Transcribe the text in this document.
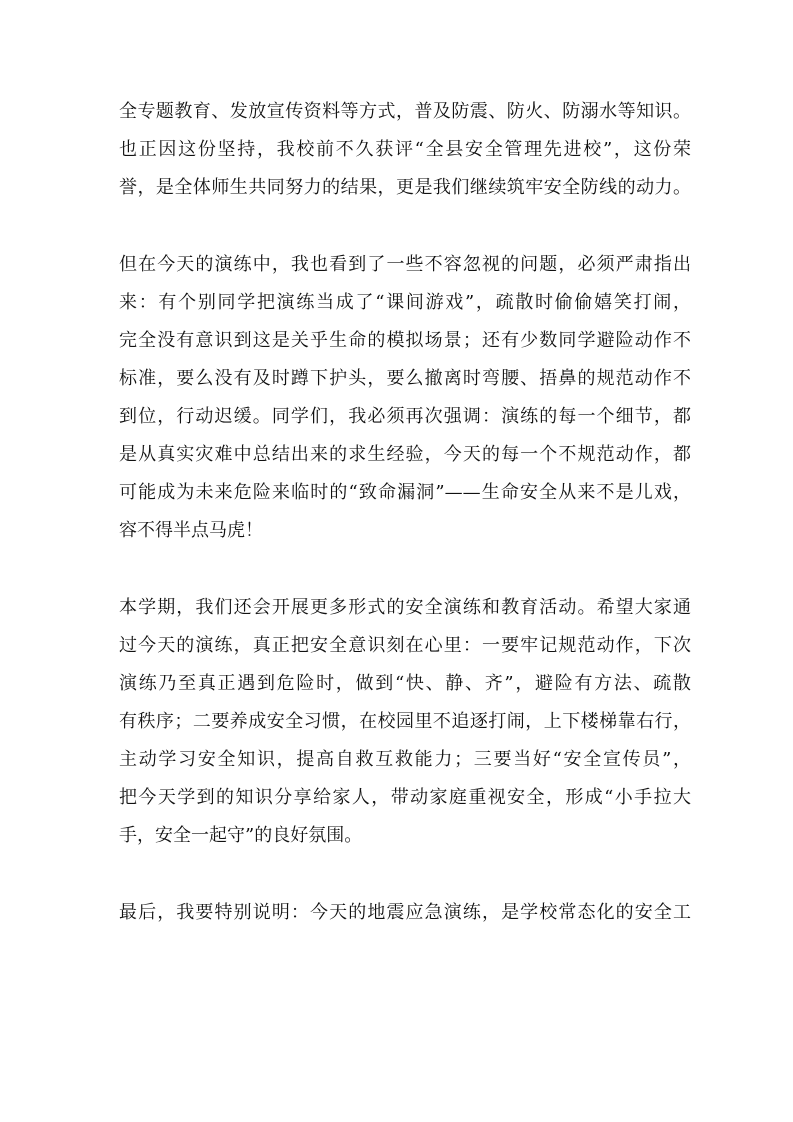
全专题教育、发放宣传资料等方式，普及防震、防火、防溺水等知识。
也正因这份坚持，我校前不久获评“全县安全管理先进校”，这份荣
誉，是全体师生共同努力的结果，更是我们继续筑牢安全防线的动力。
但在今天的演练中，我也看到了一些不容忽视的问题，必须严肃指出
来：有个别同学把演练当成了“课间游戏”，疏散时偷偷嬉笑打闹，
完全没有意识到这是关乎生命的模拟场景；还有少数同学避险动作不
标准，要么没有及时蹲下护头，要么撤离时弯腰、捂鼻的规范动作不
到位，行动迟缓。同学们，我必须再次强调：演练的每一个细节，都
是从真实灾难中总结出来的求生经验，今天的每一个不规范动作，都
可能成为未来危险来临时的“致命漏洞”——生命安全从来不是儿戏，
容不得半点马虎！
本学期，我们还会开展更多形式的安全演练和教育活动。希望大家通
过今天的演练，真正把安全意识刻在心里：一要牢记规范动作，下次
演练乃至真正遇到危险时，做到“快、静、齐”，避险有方法、疏散
有秩序；二要养成安全习惯，在校园里不追逐打闹，上下楼梯靠右行，
主动学习安全知识，提高自救互救能力；三要当好“安全宣传员”，
把今天学到的知识分享给家人，带动家庭重视安全，形成“小手拉大
手，安全一起守”的良好氛围。
最后，我要特别说明：今天的地震应急演练，是学校常态化的安全工
